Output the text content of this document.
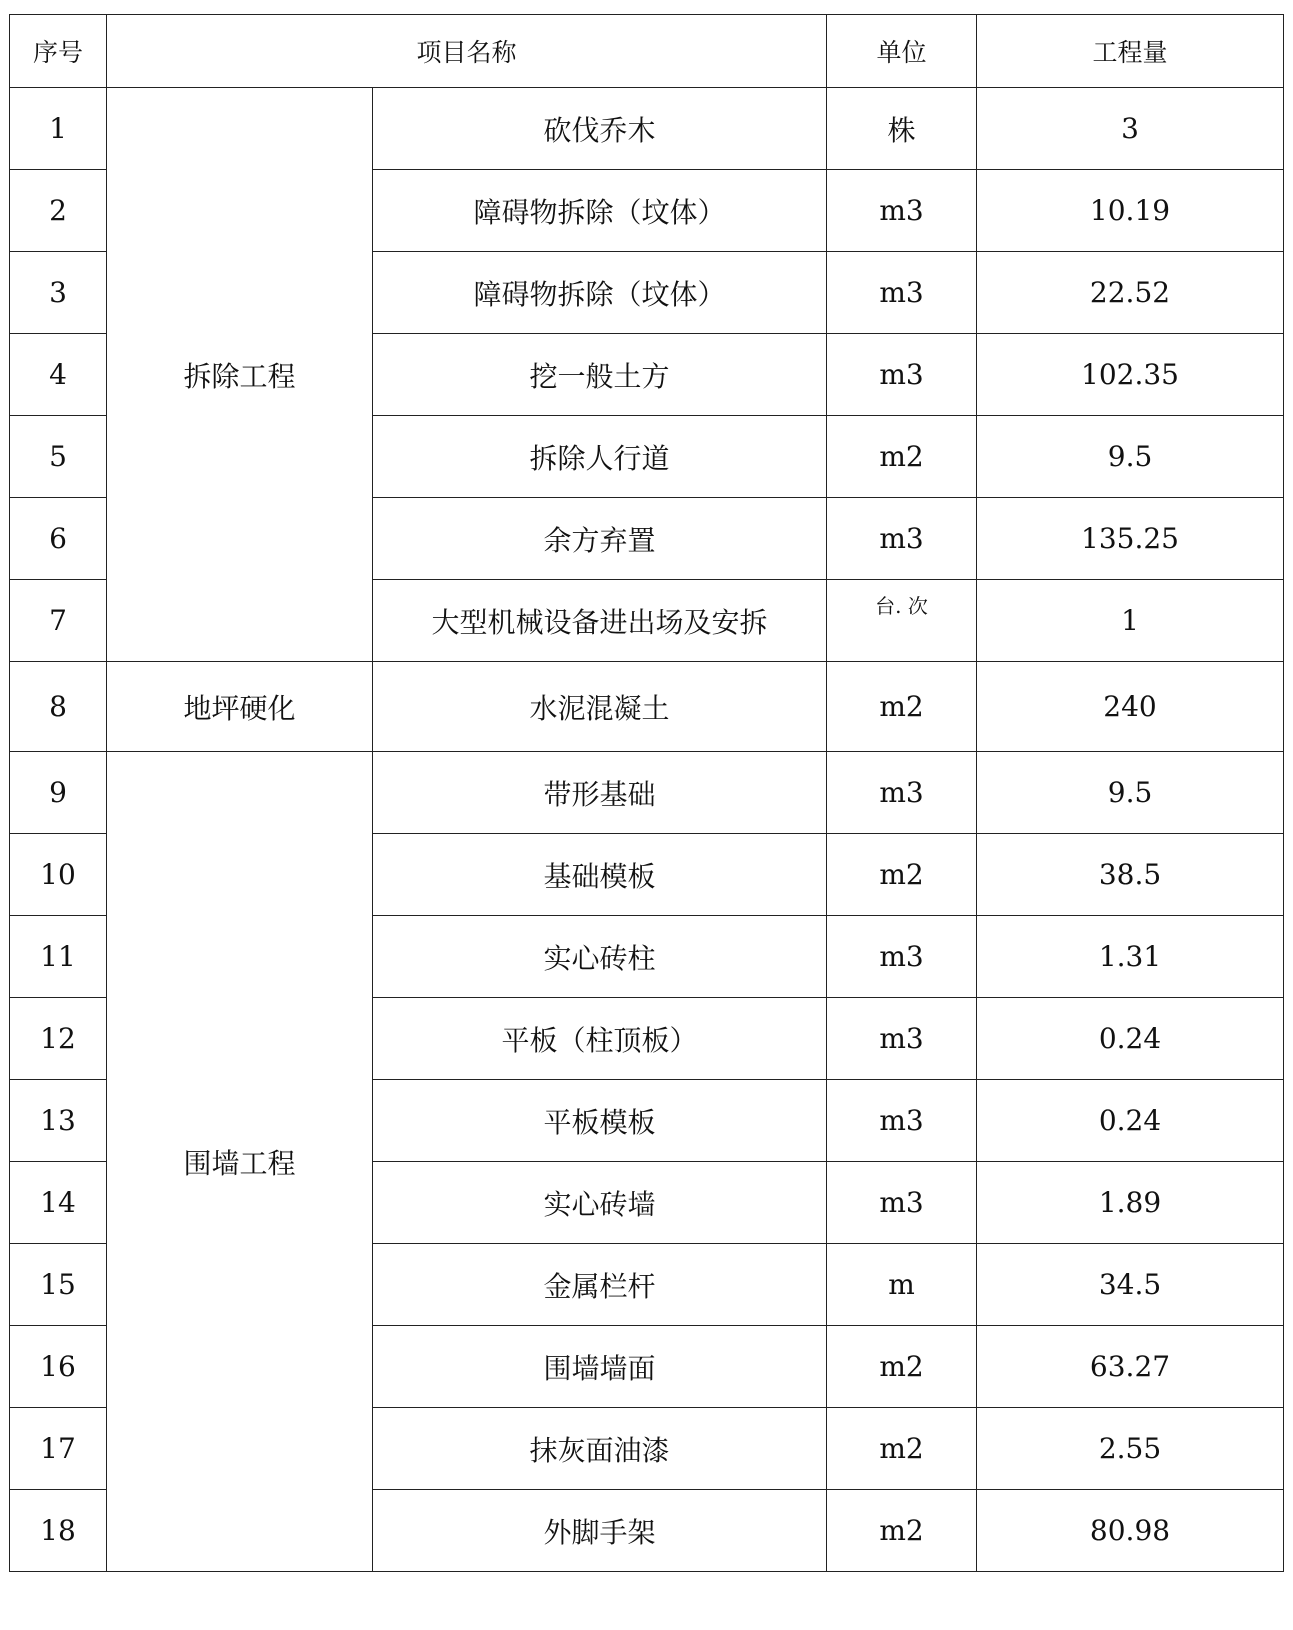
序号	项目名称		单位	工程量
1	拆除工程	砍伐乔木	株	3
2		障碍物拆除（坟体）	m3	10.19
3		障碍物拆除（坟体）	m3	22.52
4		挖一般土方	m3	102.35
5		拆除人行道	m2	9.5
6		余方弃置	m3	135.25
7		大型机械设备进出场及安拆	台. 次	1
8	地坪硬化	水泥混凝土	m2	240
9	围墙工程	带形基础	m3	9.5
10		基础模板	m2	38.5
11		实心砖柱	m3	1.31
12		平板（柱顶板）	m3	0.24
13		平板模板	m3	0.24
14		实心砖墙	m3	1.89
15		金属栏杆	m	34.5
16		围墙墙面	m2	63.27
17		抹灰面油漆	m2	2.55
18		外脚手架	m2	80.98
